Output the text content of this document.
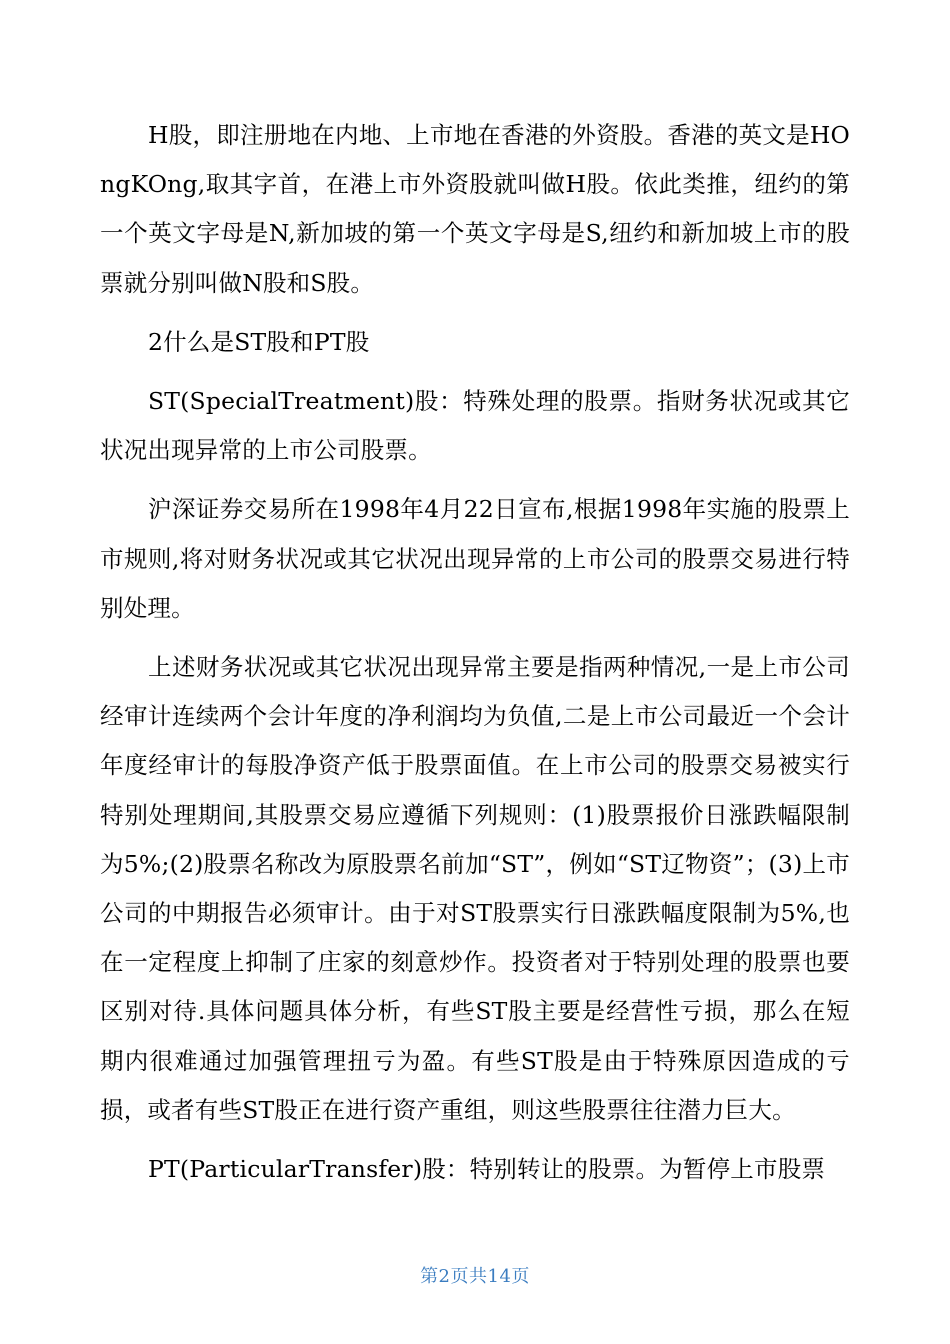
H股，即注册地在内地、上市地在香港的外资股。香港的英文是HOngKOng,取其字首，在港上市外资股就叫做H股。依此类推，纽约的第一个英文字母是N,新加坡的第一个英文字母是S,纽约和新加坡上市的股票就分别叫做N股和S股。

2什么是ST股和PT股

ST(SpecialTreatment)股：特殊处理的股票。指财务状况或其它状况出现异常的上市公司股票。

沪深证券交易所在1998年4月22日宣布,根据1998年实施的股票上市规则,将对财务状况或其它状况出现异常的上市公司的股票交易进行特别处理。

上述财务状况或其它状况出现异常主要是指两种情况,一是上市公司经审计连续两个会计年度的净利润均为负值,二是上市公司最近一个会计年度经审计的每股净资产低于股票面值。在上市公司的股票交易被实行特别处理期间,其股票交易应遵循下列规则：(1)股票报价日涨跌幅限制为5%;(2)股票名称改为原股票名前加“ST”，例如“ST辽物资”；(3)上市公司的中期报告必须审计。由于对ST股票实行日涨跌幅度限制为5%,也在一定程度上抑制了庄家的刻意炒作。投资者对于特别处理的股票也要区别对待.具体问题具体分析，有些ST股主要是经营性亏损，那么在短期内很难通过加强管理扭亏为盈。有些ST股是由于特殊原因造成的亏损，或者有些ST股正在进行资产重组，则这些股票往往潜力巨大。

PT(ParticularTransfer)股：特别转让的股票。为暂停上市股票

第2页共14页
